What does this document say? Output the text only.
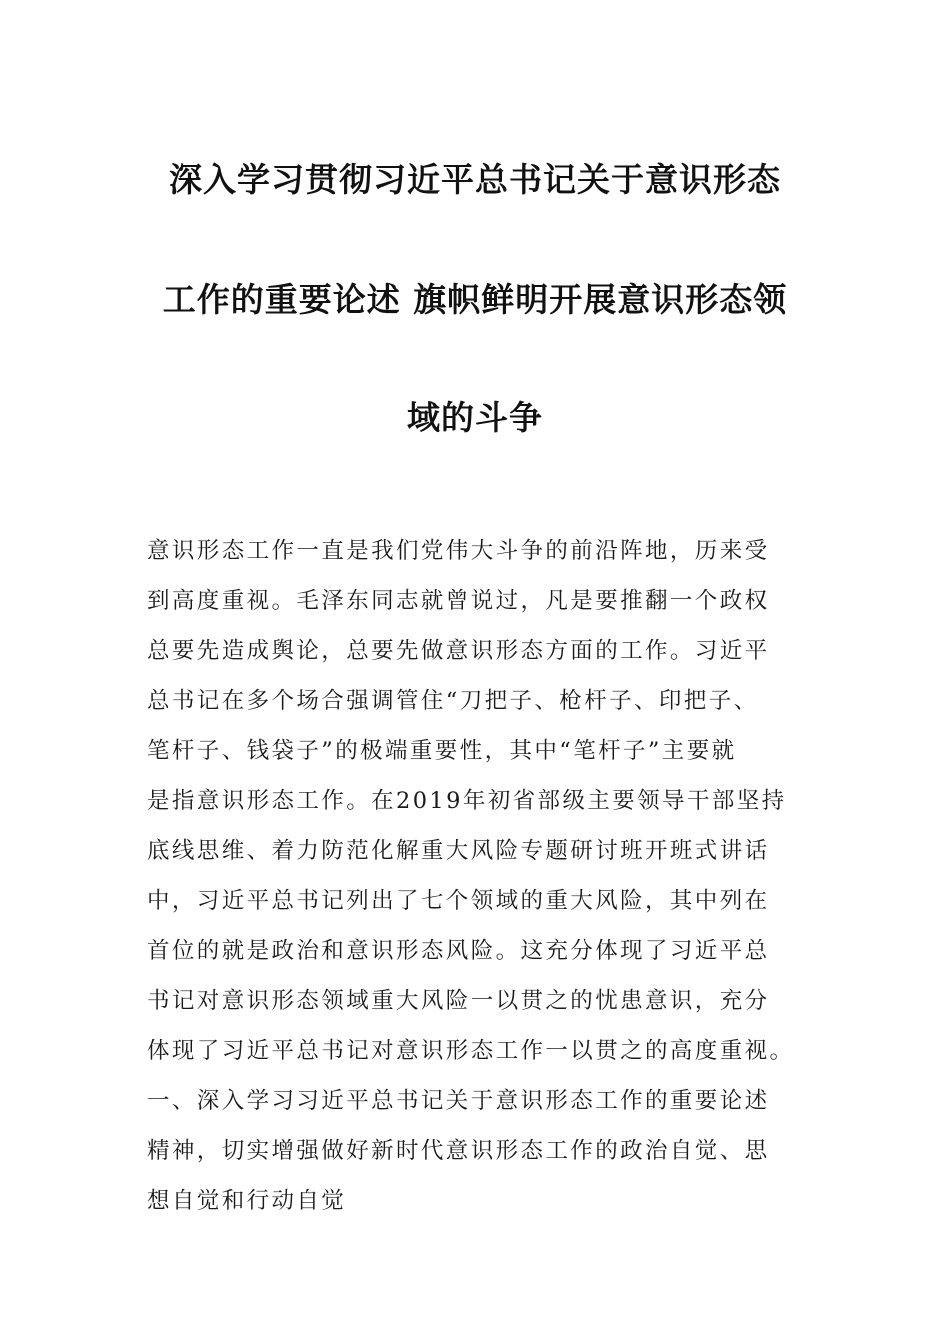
深入学习贯彻习近平总书记关于意识形态
工作的重要论述 旗帜鲜明开展意识形态领
域的斗争
意识形态工作一直是我们党伟大斗争的前沿阵地，历来受
到高度重视。毛泽东同志就曾说过，凡是要推翻一个政权
总要先造成舆论，总要先做意识形态方面的工作。习近平
总书记在多个场合强调管住“刀把子、枪杆子、印把子、
笔杆子、钱袋子”的极端重要性，其中“笔杆子”主要就
是指意识形态工作。在2019年初省部级主要领导干部坚持
底线思维、着力防范化解重大风险专题研讨班开班式讲话
中，习近平总书记列出了七个领域的重大风险，其中列在
首位的就是政治和意识形态风险。这充分体现了习近平总
书记对意识形态领域重大风险一以贯之的忧患意识，充分
体现了习近平总书记对意识形态工作一以贯之的高度重视。
一、深入学习习近平总书记关于意识形态工作的重要论述
精神，切实增强做好新时代意识形态工作的政治自觉、思
想自觉和行动自觉
